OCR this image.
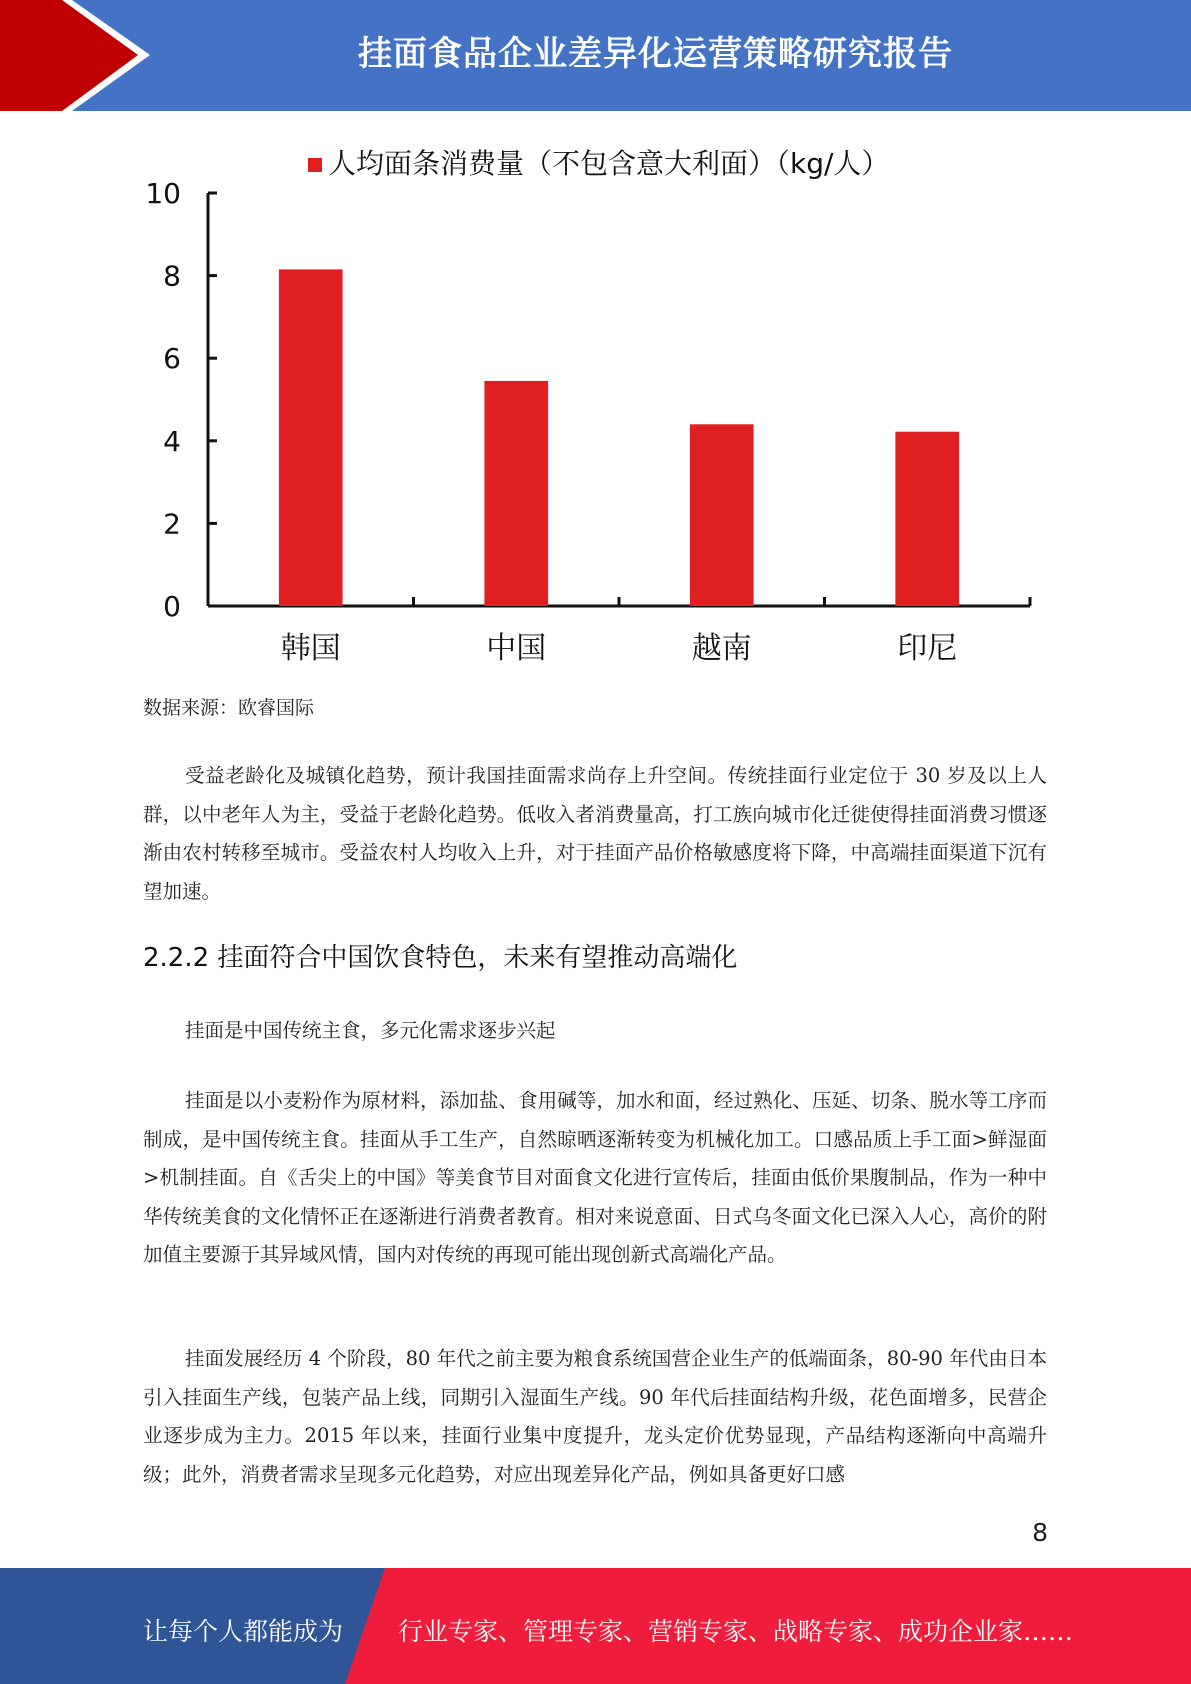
挂面食品企业差异化运营策略研究报告
人均面条消费量（不包含意大利面）（kg/人）
0
2
4
6
8
10
韩国	中国	越南	印尼
数据来源：欧睿国际

受益老龄化及城镇化趋势，预计我国挂面需求尚存上升空间。传统挂面行业定位于 30 岁及以上人群，以中老年人为主，受益于老龄化趋势。低收入者消费量高，打工族向城市化迁徙使得挂面消费习惯逐渐由农村转移至城市。受益农村人均收入上升，对于挂面产品价格敏感度将下降，中高端挂面渠道下沉有望加速。

2.2.2 挂面符合中国饮食特色，未来有望推动高端化

挂面是中国传统主食，多元化需求逐步兴起

挂面是以小麦粉作为原材料，添加盐、食用碱等，加水和面，经过熟化、压延、切条、脱水等工序而制成，是中国传统主食。挂面从手工生产，自然晾晒逐渐转变为机械化加工。口感品质上手工面>鲜湿面>机制挂面。自《舌尖上的中国》等美食节目对面食文化进行宣传后，挂面由低价果腹制品，作为一种中华传统美食的文化情怀正在逐渐进行消费者教育。相对来说意面、日式乌冬面文化已深入人心，高价的附加值主要源于其异域风情，国内对传统的再现可能出现创新式高端化产品。

挂面发展经历 4 个阶段，80 年代之前主要为粮食系统国营企业生产的低端面条，80-90 年代由日本引入挂面生产线，包装产品上线，同期引入湿面生产线。90 年代后挂面结构升级，花色面增多，民营企业逐步成为主力。2015 年以来，挂面行业集中度提升，龙头定价优势显现，产品结构逐渐向中高端升级；此外，消费者需求呈现多元化趋势，对应出现差异化产品，例如具备更好口感

8
让每个人都能成为 行业专家、管理专家、营销专家、战略专家、成功企业家……
